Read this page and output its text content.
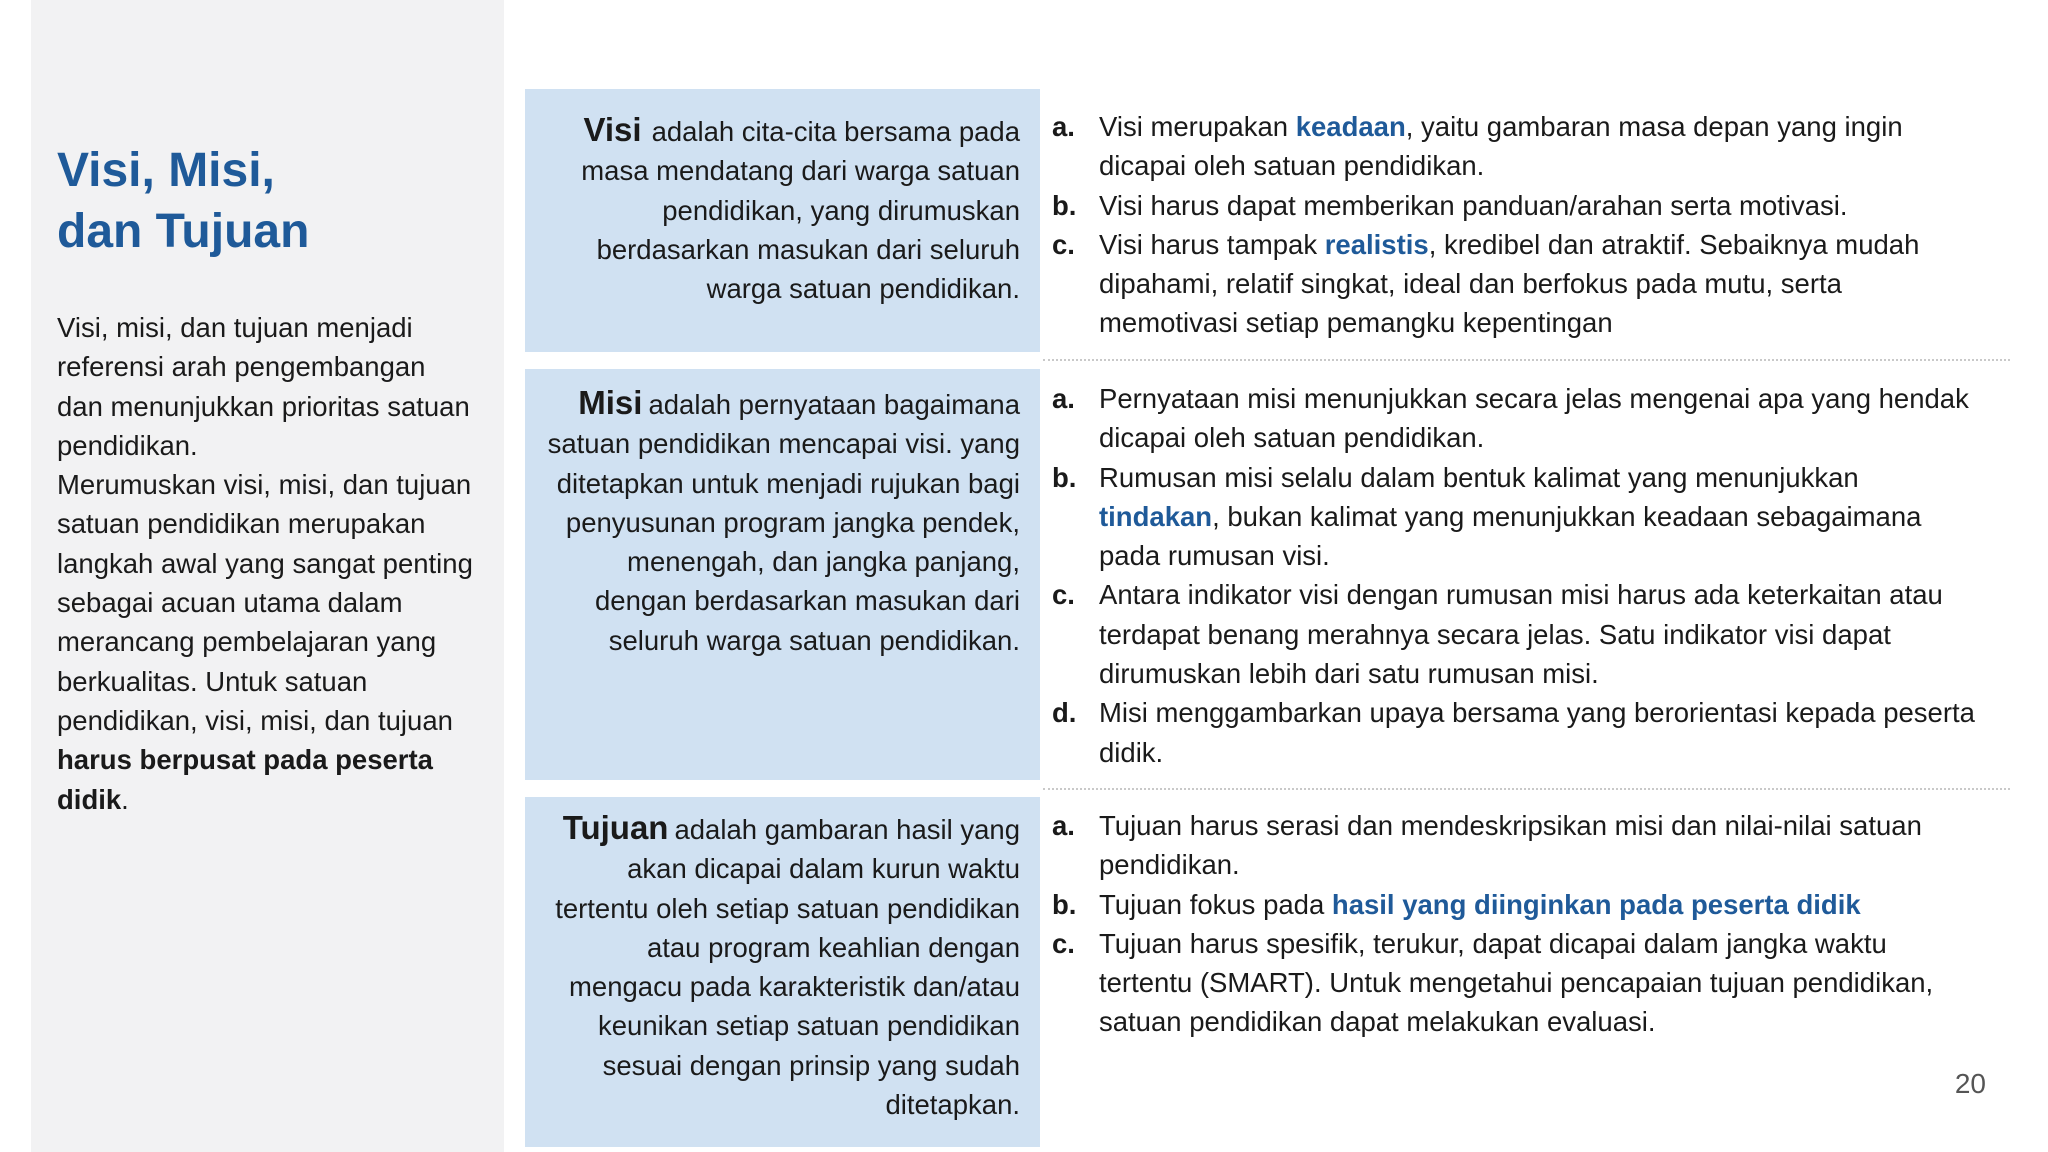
Visi, Misi,
dan Tujuan
Visi, misi, dan tujuan menjadi referensi arah pengembangan dan menunjukkan prioritas satuan pendidikan.
Merumuskan visi, misi, dan tujuan satuan pendidikan merupakan langkah awal yang sangat penting sebagai acuan utama dalam merancang pembelajaran yang berkualitas. Untuk satuan pendidikan, visi, misi, dan tujuan harus berpusat pada peserta didik.
Visi adalah cita-cita bersama pada masa mendatang dari warga satuan pendidikan, yang dirumuskan berdasarkan masukan dari seluruh warga satuan pendidikan.
a. Visi merupakan keadaan, yaitu gambaran masa depan yang ingin dicapai oleh satuan pendidikan.
b. Visi harus dapat memberikan panduan/arahan serta motivasi.
c. Visi harus tampak realistis, kredibel dan atraktif. Sebaiknya mudah dipahami, relatif singkat, ideal dan berfokus pada mutu, serta memotivasi setiap pemangku kepentingan
Misi adalah pernyataan bagaimana satuan pendidikan mencapai visi. yang ditetapkan untuk menjadi rujukan bagi penyusunan program jangka pendek, menengah, dan jangka panjang, dengan berdasarkan masukan dari seluruh warga satuan pendidikan.
a. Pernyataan misi menunjukkan secara jelas mengenai apa yang hendak dicapai oleh satuan pendidikan.
b. Rumusan misi selalu dalam bentuk kalimat yang menunjukkan tindakan, bukan kalimat yang menunjukkan keadaan sebagaimana pada rumusan visi.
c. Antara indikator visi dengan rumusan misi harus ada keterkaitan atau terdapat benang merahnya secara jelas. Satu indikator visi dapat dirumuskan lebih dari satu rumusan misi.
d. Misi menggambarkan upaya bersama yang berorientasi kepada peserta didik.
Tujuan adalah gambaran hasil yang akan dicapai dalam kurun waktu tertentu oleh setiap satuan pendidikan atau program keahlian dengan mengacu pada karakteristik dan/atau keunikan setiap satuan pendidikan sesuai dengan prinsip yang sudah ditetapkan.
a. Tujuan harus serasi dan mendeskripsikan misi dan nilai-nilai satuan pendidikan.
b. Tujuan fokus pada hasil yang diinginkan pada peserta didik
c. Tujuan harus spesifik, terukur, dapat dicapai dalam jangka waktu tertentu (SMART). Untuk mengetahui pencapaian tujuan pendidikan, satuan pendidikan dapat melakukan evaluasi.
20
